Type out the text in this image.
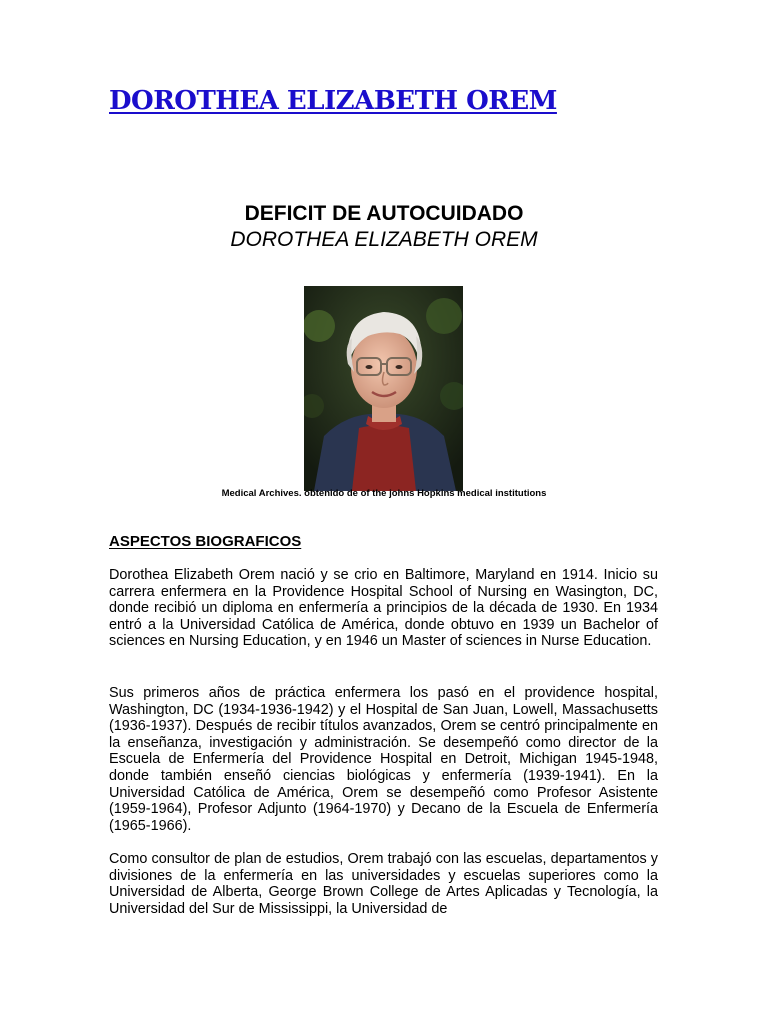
DOROTHEA ELIZABETH OREM

DEFICIT DE AUTOCUIDADO

DOROTHEA ELIZABETH OREM

Medical Archives. obtenido de of the johns Hopkins medical institutions
ASPECTOS BIOGRAFICOS

Dorothea Elizabeth Orem nació y se crio en Baltimore, Maryland en 1914. Inicio su carrera enfermera en la Providence Hospital School of Nursing en Wasington, DC, donde recibió un diploma en enfermería a principios de la década de 1930. En 1934 entró a la Universidad Católica de América, donde obtuvo en 1939 un Bachelor of sciences en Nursing Education, y en 1946 un Master of sciences in Nurse Education.

Sus primeros años de práctica enfermera los pasó en el providence hospital, Washington, DC (1934-1936-1942) y el Hospital de San Juan, Lowell, Massachusetts (1936-1937). Después de recibir títulos avanzados, Orem se centró principalmente en la enseñanza, investigación y administración. Se desempeñó como director de la Escuela de Enfermería del Providence Hospital en Detroit, Michigan 1945-1948, donde también enseñó ciencias biológicas y enfermería (1939-1941). En la Universidad Católica de América, Orem se desempeñó como Profesor Asistente (1959-1964), Profesor Adjunto (1964-1970) y Decano de la Escuela de Enfermería (1965-1966).

Como consultor de plan de estudios, Orem trabajó con las escuelas, departamentos y divisiones de la enfermería en las universidades y escuelas superiores como la Universidad de Alberta, George Brown College de Artes Aplicadas y Tecnología, la Universidad del Sur de Mississippi, la Universidad de
